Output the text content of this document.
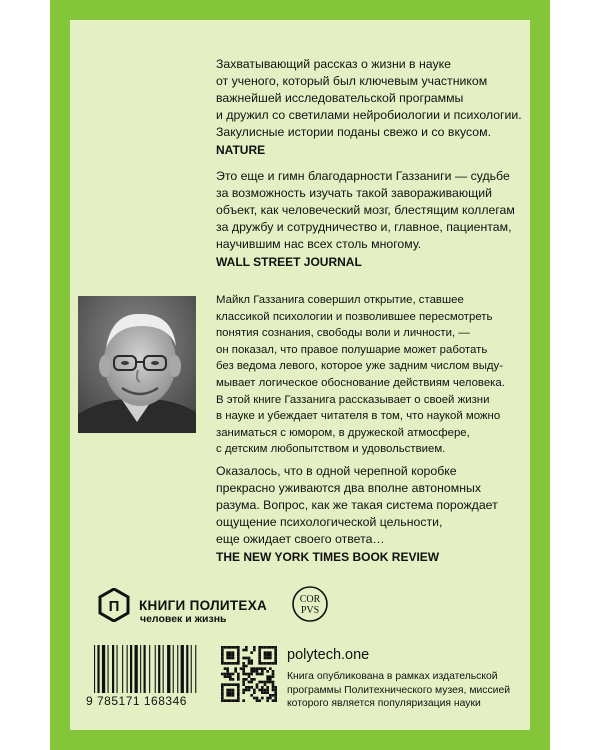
Захватывающий рассказ о жизни в науке
от ученого, который был ключевым участником
важнейшей исследовательской программы
и дружил со светилами нейробиологии и психологии.
Закулисные истории поданы свежо и со вкусом.
NATURE
Это еще и гимн благодарности Газзаниги — судьбе
за возможность изучать такой завораживающий
объект, как человеческий мозг, блестящим коллегам
за дружбу и сотрудничество и, главное, пациентам,
научившим нас всех столь многому.
WALL STREET JOURNAL
Майкл Газзанига совершил открытие, ставшее
классикой психологии и позволившее пересмотреть
понятия сознания, свободы воли и личности, —
он показал, что правое полушарие может работать
без ведома левого, которое уже задним числом выду-
мывает логическое обоснование действиям человека.
В этой книге Газзанига рассказывает о своей жизни
в науке и убеждает читателя в том, что наукой можно
заниматься с юмором, в дружеской атмосфере,
с детским любопытством и удовольствием.
Оказалось, что в одной черепной коробке
прекрасно уживаются два вполне автономных
разума. Вопрос, как же такая система порождает
ощущение психологической цельности,
еще ожидает своего ответа…
THE NEW YORK TIMES BOOK REVIEW
П КНИГИ ПОЛИТЕХА
человек и жизнь
COR
PVS
9 785171 168346
polytech.one
Книга опубликована в рамках издательской
программы Политехнического музея, миссией
которого является популяризация науки
